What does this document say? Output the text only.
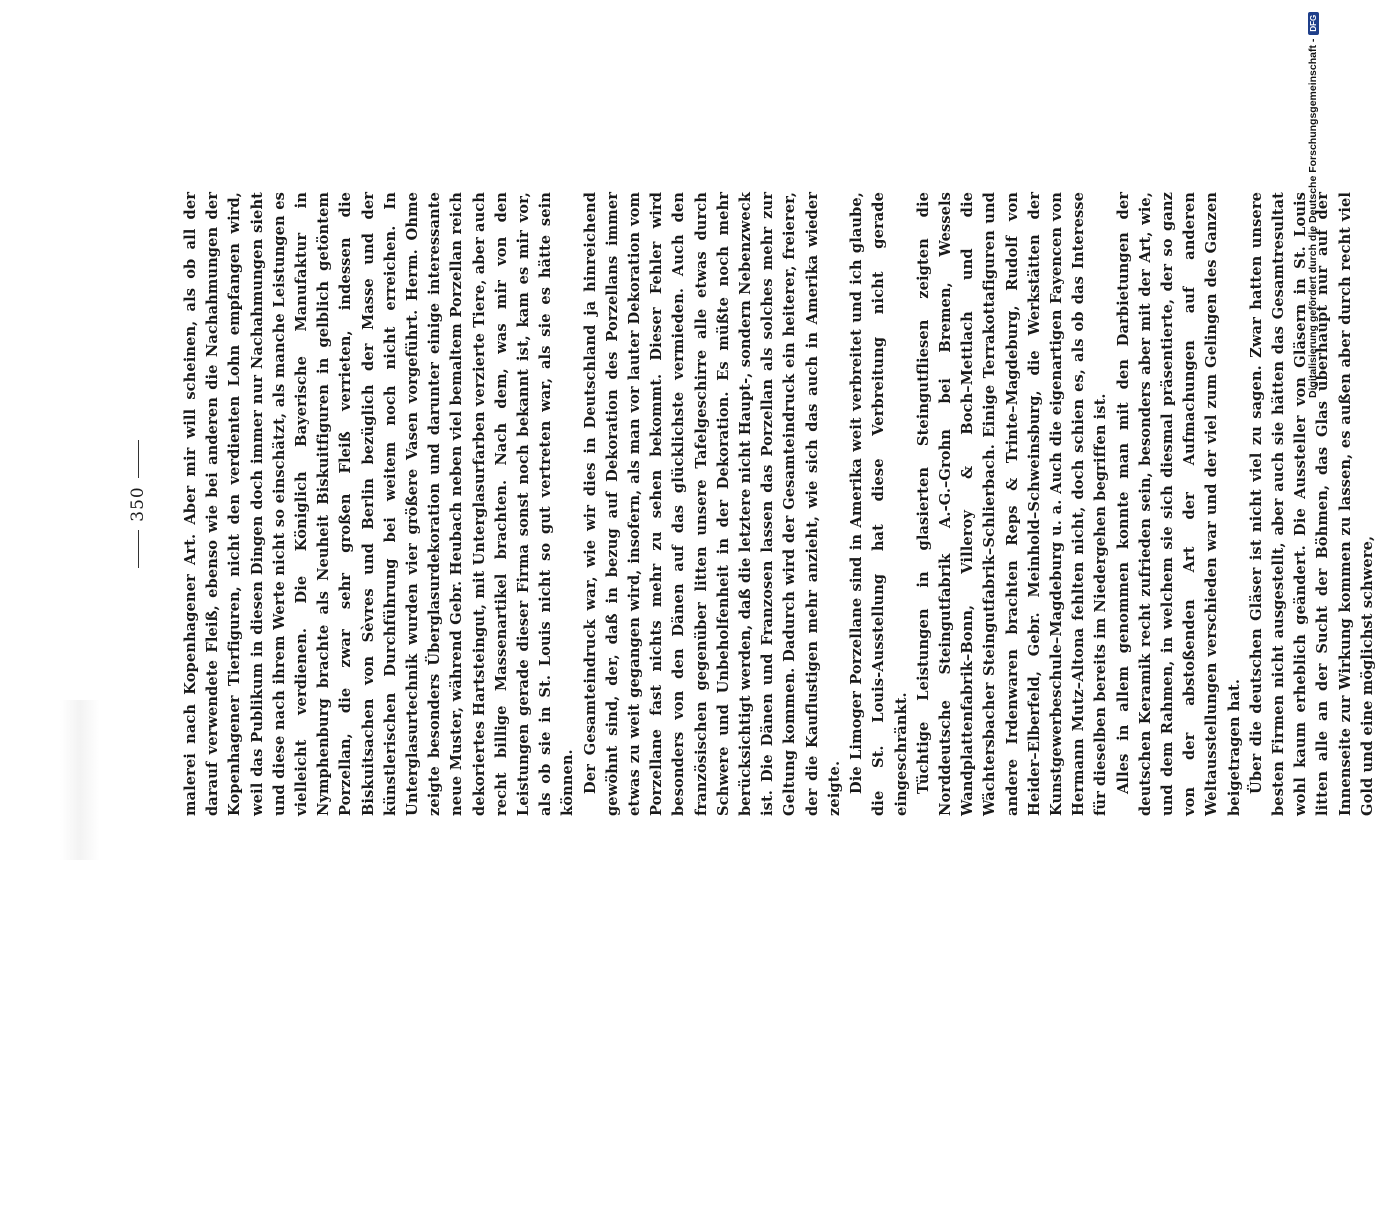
350 malerei nach Kopenhagener Art. Aber mir will scheinen, als ob all der darauf verwendete Fleiß, ebenso wie bei anderen die Nachahmungen der Kopenhagener Tierfiguren, nicht den verdienten Lohn empfangen wird, weil das Publikum in diesen Dingen doch immer nur Nachahmungen sieht und diese nach ihrem Werte nicht so einschätzt, als manche Leistungen es vielleicht verdienen. Die Königlich Bayerische Manufaktur in Nymphenburg brachte als Neuheit Biskuitfiguren in gelblich getöntem Porzellan, die zwar sehr großen Fleiß verrieten, indessen die Biskuitsachen von Sèvres und Berlin bezüglich der Masse und der künstlerischen Durchführung bei weitem noch nicht erreichen. In Unterglasurtechnik wurden vier größere Vasen vorgeführt. Herm. Ohme zeigte besonders Überglasurdekoration und darunter einige interessante neue Muster, während Gebr. Heubach neben viel bemaltem Porzellan reich dekoriertes Hartsteingut, mit Unterglasurfarben verzierte Tiere, aber auch recht billige Massenartikel brachten. Nach dem, was mir von den Leistungen gerade dieser Firma sonst noch bekannt ist, kam es mir vor, als ob sie in St. Louis nicht so gut vertreten war, als sie es hätte sein können. Der Gesamteindruck war, wie wir dies in Deutschland ja hinreichend gewöhnt sind, der, daß in bezug auf Dekoration des Porzellans immer etwas zu weit gegangen wird, insofern, als man vor lauter Dekoration vom Porzellane fast nichts mehr zu sehen bekommt. Dieser Fehler wird besonders von den Dänen auf das glücklichste vermieden. Auch den französischen gegenüber litten unsere Tafelgeschirre alle etwas durch Schwere und Unbeholfenheit in der Dekoration. Es müßte noch mehr berücksichtigt werden, daß die letztere nicht Haupt-, sondern Nebenzweck ist. Die Dänen und Franzosen lassen das Porzellan als solches mehr zur Geltung kommen. Dadurch wird der Gesamteindruck ein heiterer, freierer, der die Kauflustigen mehr anzieht, wie sich das auch in Amerika wieder zeigte. Die Limoger Porzellane sind in Amerika weit verbreitet und ich glaube, die St. Louis-Ausstellung hat diese Verbreitung nicht gerade eingeschränkt. Tüchtige Leistungen in glasierten Steingutfliesen zeigten die Norddeutsche Steingutfabrik A.-G.–Grohn bei Bremen, Wessels Wandplattenfabrik–Bonn, Villeroy & Boch–Mettlach und die Wächtersbacher Steingutfabrik–Schlierbach. Einige Terrakottafiguren und andere Irdenwaren brachten Reps & Trinte–Magdeburg, Rudolf von Heider–Elberfeld, Gebr. Meinhold–Schweinsburg, die Werkstätten der Kunstgewerbeschule–Magdeburg u. a. Auch die eigenartigen Fayencen von Hermann Mutz–Altona fehlten nicht, doch schien es, als ob das Interesse für dieselben bereits im Niedergehen begriffen ist. Alles in allem genommen konnte man mit den Darbietungen der deutschen Keramik recht zufrieden sein, besonders aber mit der Art, wie, und dem Rahmen, in welchem sie sich diesmal präsentierte, der so ganz von der abstoßenden Art der Aufmachungen auf anderen Weltausstellungen verschieden war und der viel zum Gelingen des Ganzen beigetragen hat. Über die deutschen Gläser ist nicht viel zu sagen. Zwar hatten unsere besten Firmen nicht ausgestellt, aber auch sie hätten das Gesamtresultat wohl kaum erheblich geändert. Die Aussteller von Gläsern in St. Louis litten alle an der Sucht der Böhmen, das Glas überhaupt nur auf der Innenseite zur Wirkung kommen zu lassen, es außen aber durch recht viel Gold und eine möglichst schwere,

Digitalisierung gefördert durch die Deutsche Forschungsgemeinschaft -
DFG
